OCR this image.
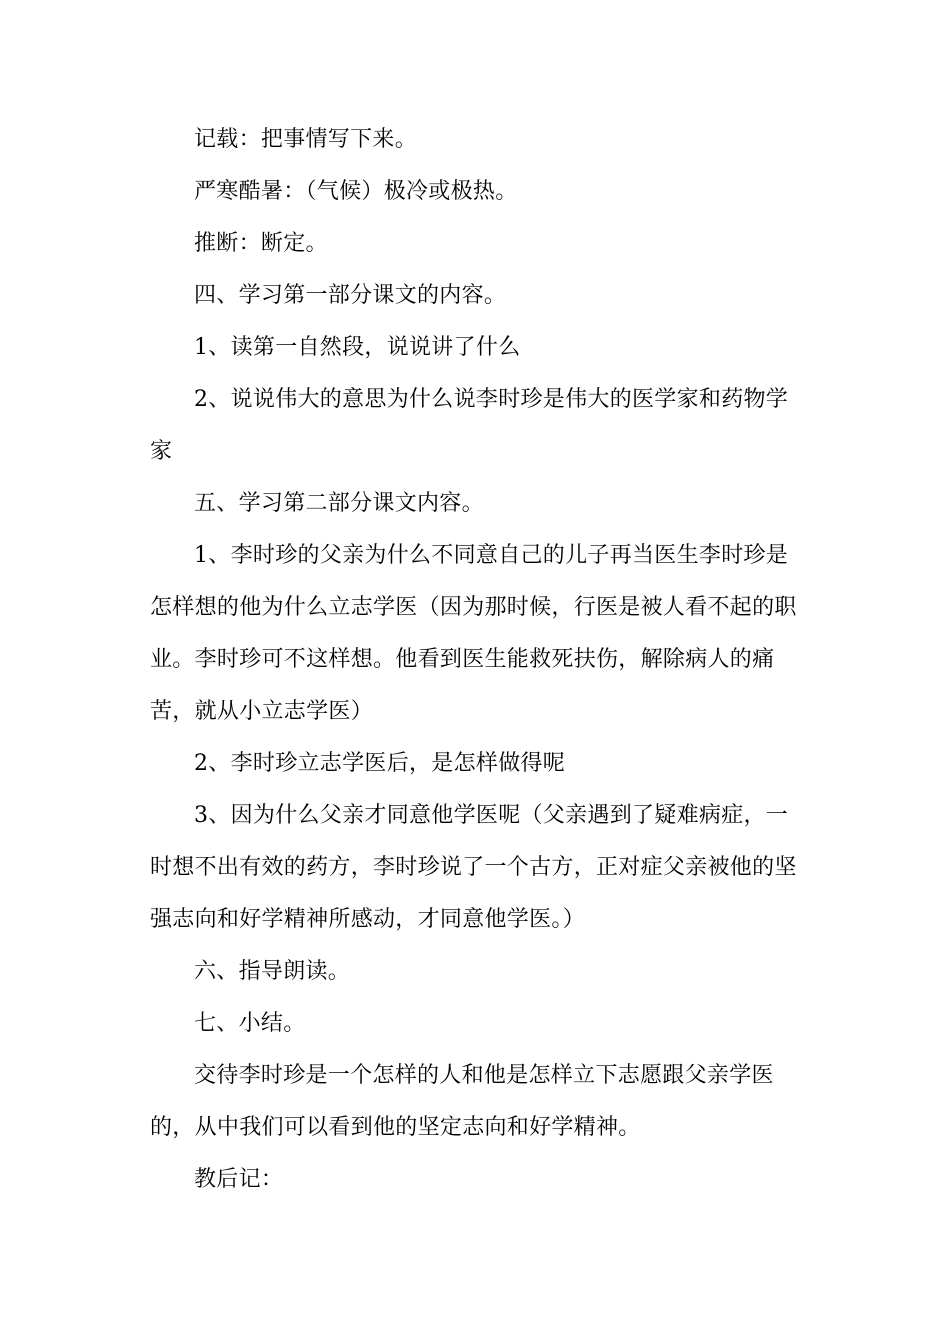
记载：把事情写下来。

严寒酷暑：（气候）极冷或极热。

推断：断定。

四、学习第一部分课文的内容。

1、读第一自然段，说说讲了什么

2、说说伟大的意思为什么说李时珍是伟大的医学家和药物学家

五、学习第二部分课文内容。

1、李时珍的父亲为什么不同意自己的儿子再当医生李时珍是怎样想的他为什么立志学医（因为那时候，行医是被人看不起的职业。李时珍可不这样想。他看到医生能救死扶伤，解除病人的痛苦，就从小立志学医）

2、李时珍立志学医后，是怎样做得呢

3、因为什么父亲才同意他学医呢（父亲遇到了疑难病症，一时想不出有效的药方，李时珍说了一个古方，正对症父亲被他的坚强志向和好学精神所感动，才同意他学医。）

六、指导朗读。

七、小结。

交待李时珍是一个怎样的人和他是怎样立下志愿跟父亲学医的，从中我们可以看到他的坚定志向和好学精神。

教后记：
